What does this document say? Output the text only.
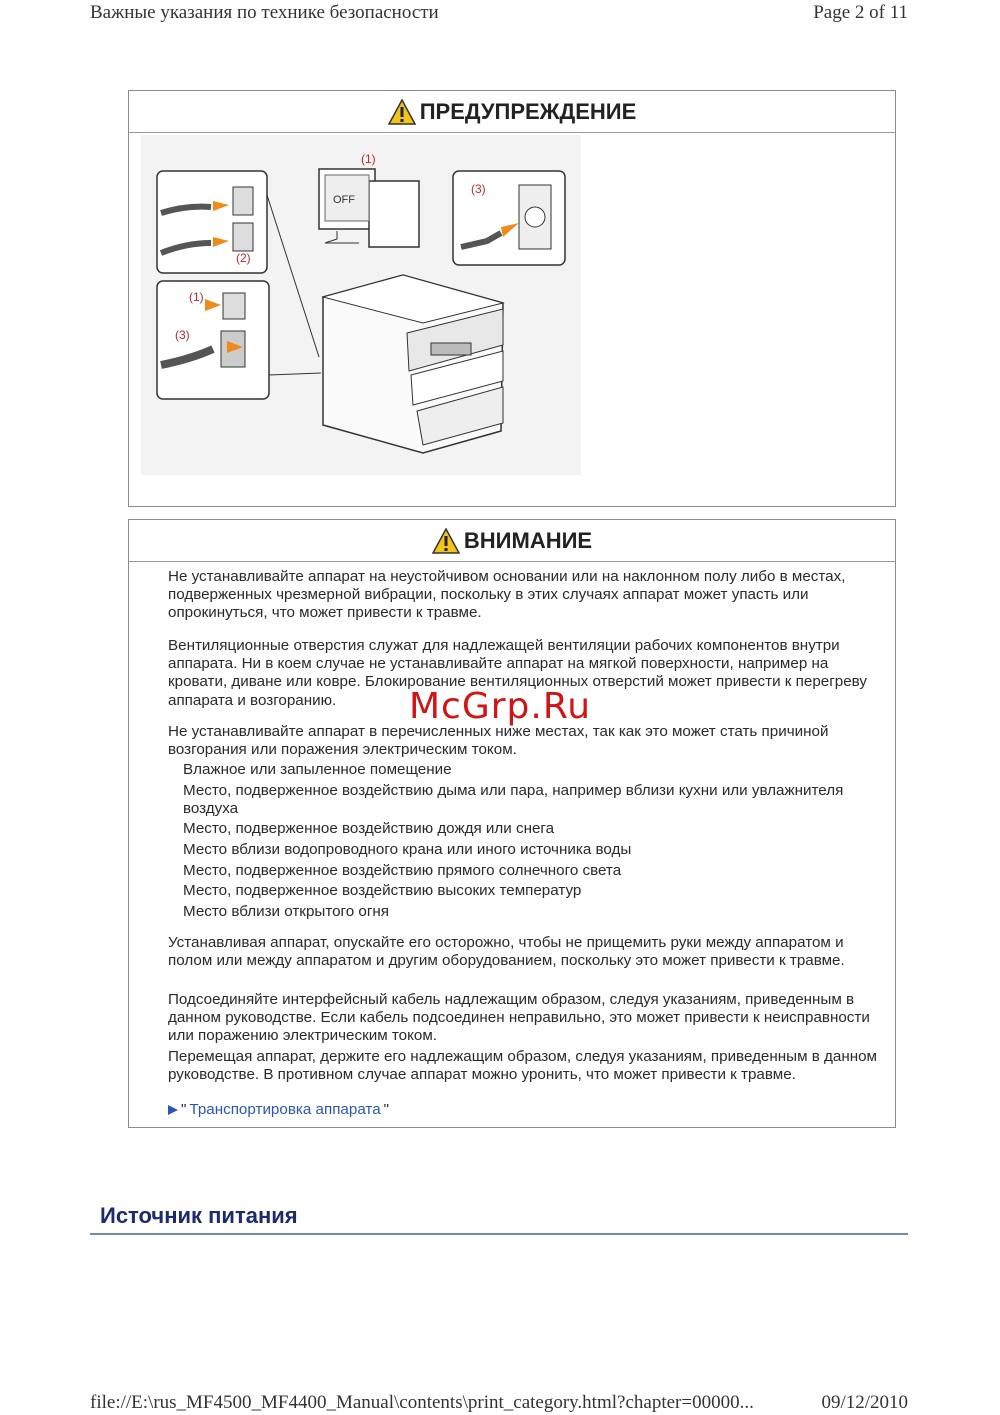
Важные указания по технике безопасности	Page 2 of 11
ПРЕДУПРЕЖДЕНИЕ
(2)
OFF
(1)
(3)
(1)
(3)
ВНИМАНИЕ
Не устанавливайте аппарат на неустойчивом основании или на наклонном полу либо в местах, подверженных чрезмерной вибрации, поскольку в этих случаях аппарат может упасть или опрокинуться, что может привести к травме.
Вентиляционные отверстия служат для надлежащей вентиляции рабочих компонентов внутри аппарата. Ни в коем случае не устанавливайте аппарат на мягкой поверхности, например на кровати, диване или ковре. Блокирование вентиляционных отверстий может привести к перегреву аппарата и возгоранию.
Не устанавливайте аппарат в перечисленных ниже местах, так как это может стать причиной возгорания или поражения электрическим током.
Влажное или запыленное помещение
Место, подверженное воздействию дыма или пара, например вблизи кухни или увлажнителя воздуха
Место, подверженное воздействию дождя или снега
Место вблизи водопроводного крана или иного источника воды
Место, подверженное воздействию прямого солнечного света
Место, подверженное воздействию высоких температур
Место вблизи открытого огня
Устанавливая аппарат, опускайте его осторожно, чтобы не прищемить руки между аппаратом и полом или между аппаратом и другим оборудованием, поскольку это может привести к травме.
Подсоединяйте интерфейсный кабель надлежащим образом, следуя указаниям, приведенным в данном руководстве. Если кабель подсоединен неправильно, это может привести к неисправности или поражению электрическим током.
Перемещая аппарат, держите его надлежащим образом, следуя указаниям, приведенным в данном руководстве. В противном случае аппарат можно уронить, что может привести к травме.
" Транспортировка аппарата "
McGrp.Ru
Источник питания
file://E:\rus_MF4500_MF4400_Manual\contents\print_category.html?chapter=00000...	09/12/2010
